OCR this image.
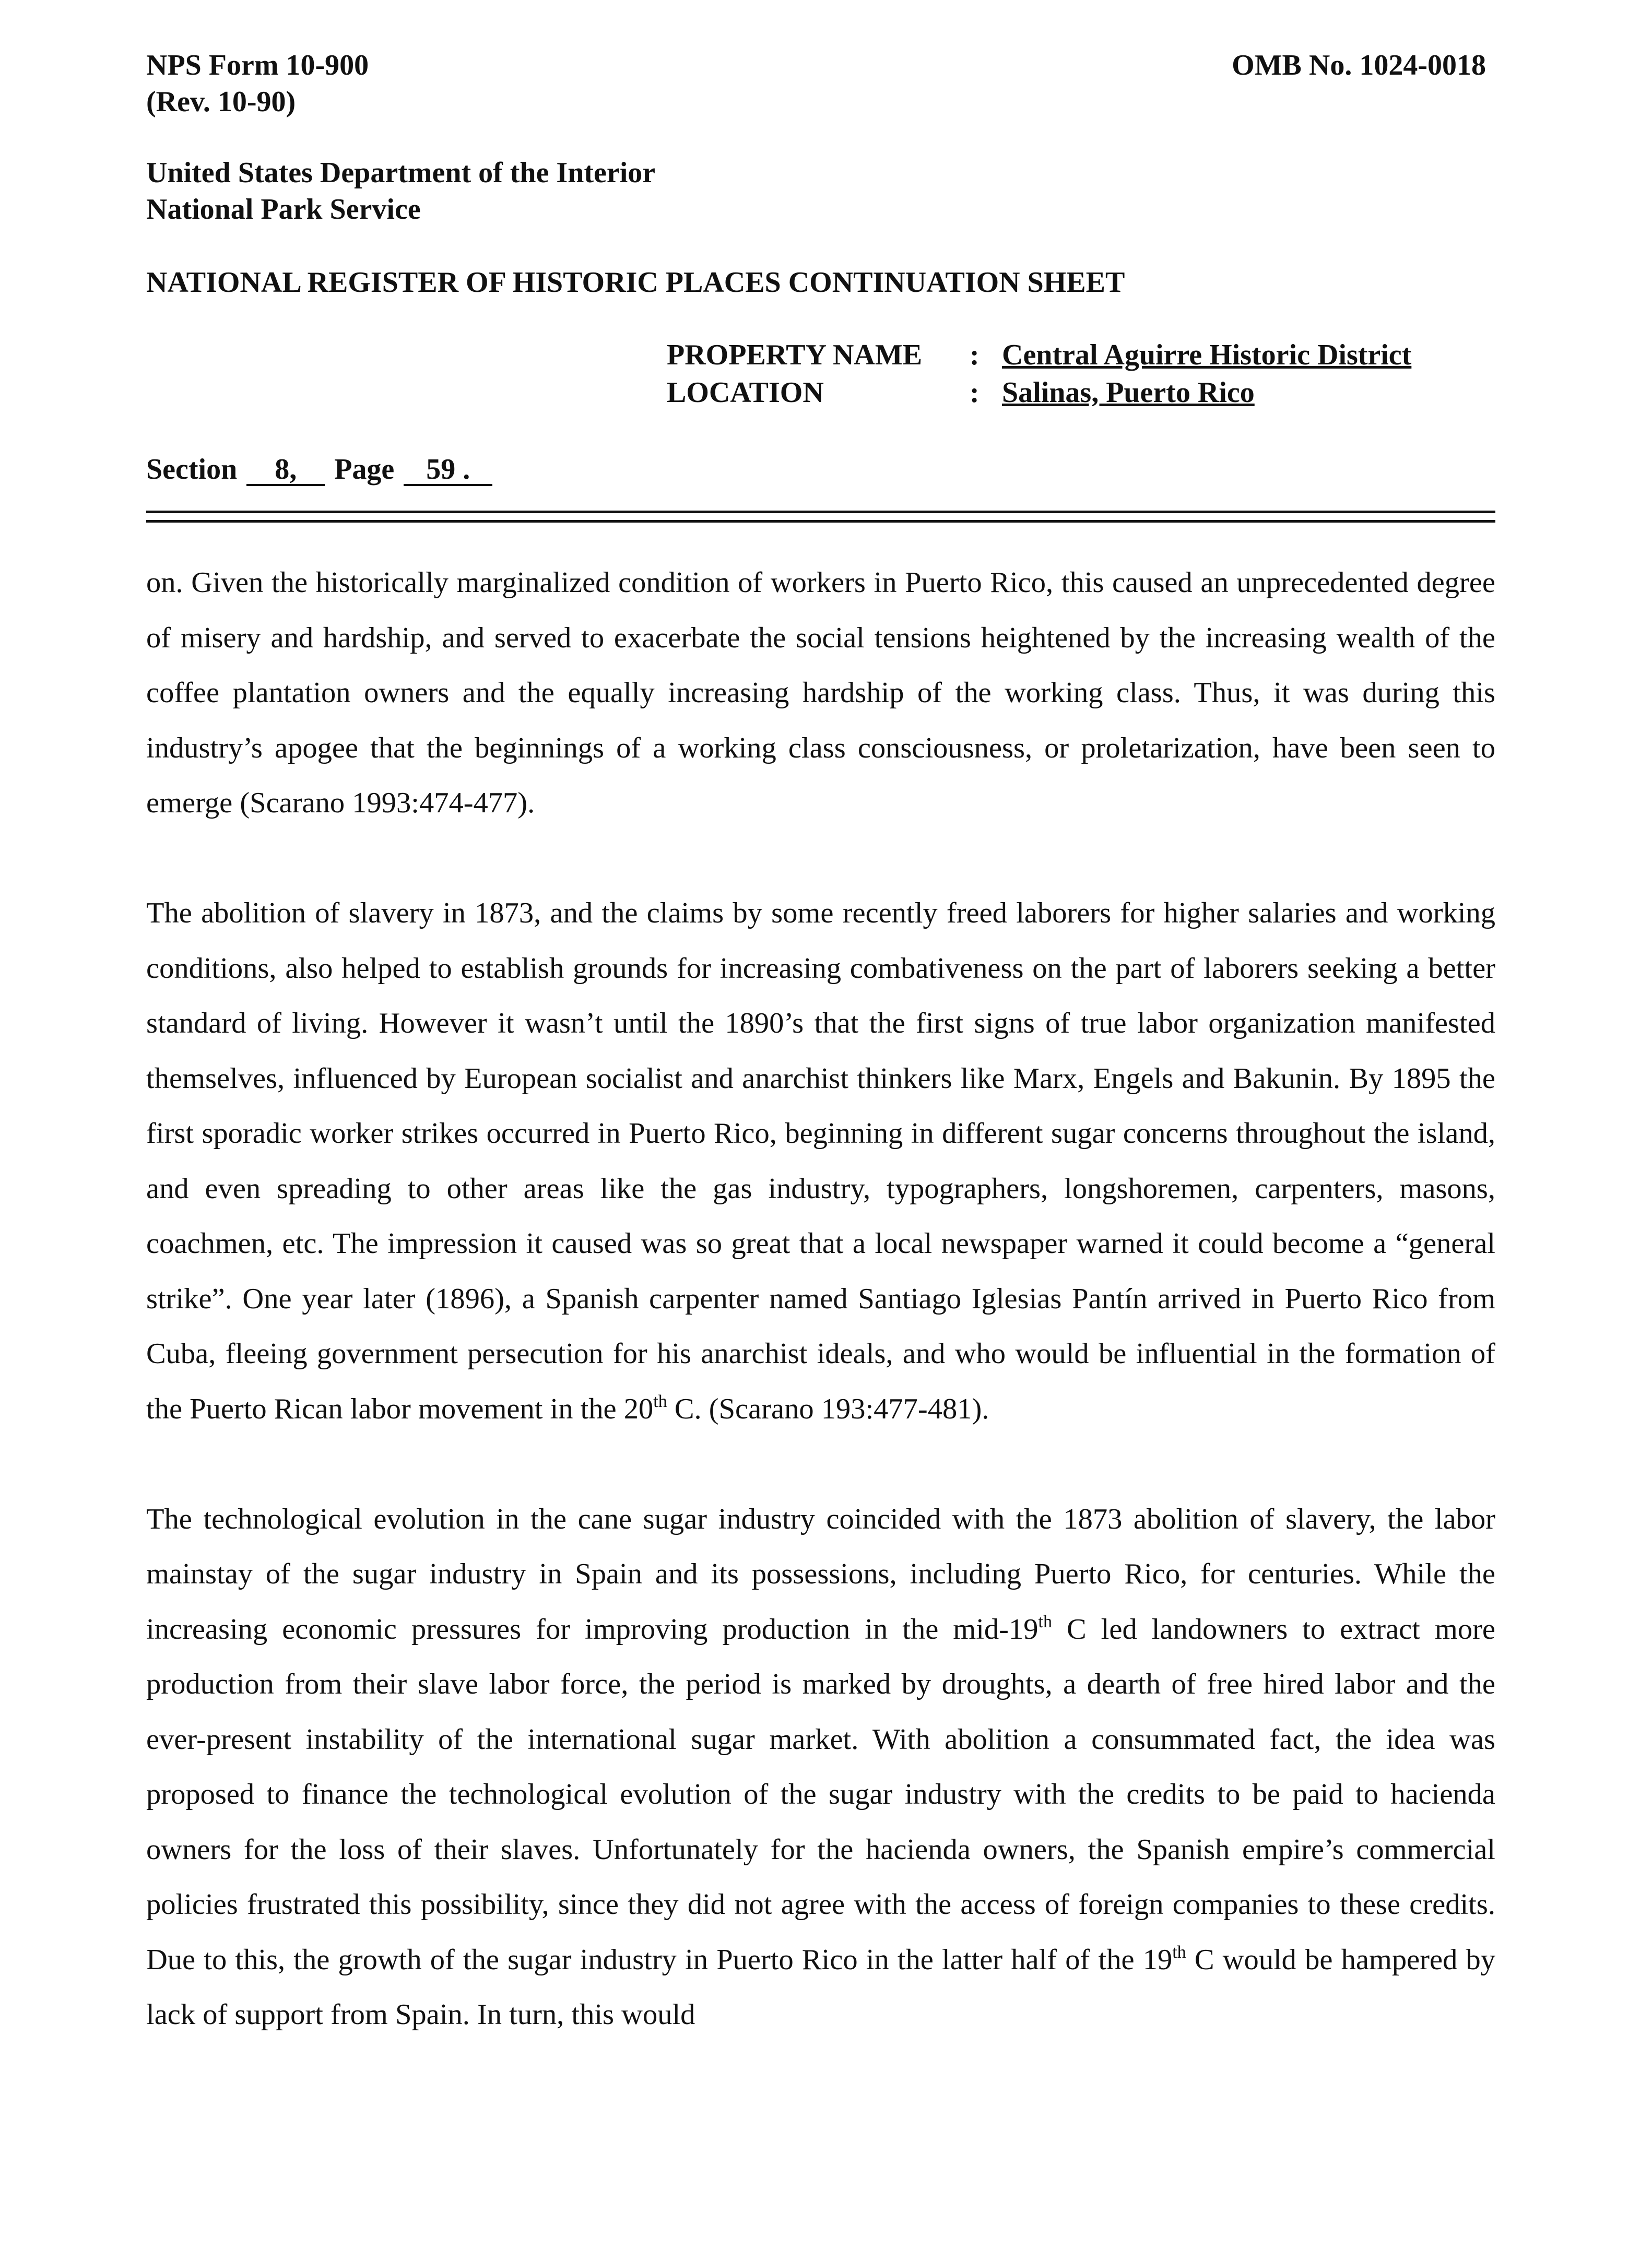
NPS Form 10-900
(Rev. 10-90)
OMB No. 1024-0018
United States Department of the Interior
National Park Service
NATIONAL REGISTER OF HISTORIC PLACES CONTINUATION SHEET
PROPERTY NAME : Central Aguirre Historic District
LOCATION	: Salinas, Puerto Rico
Section 8, Page 59 .

on. Given the historically marginalized condition of workers in Puerto Rico, this caused an unprecedented degree of misery and hardship, and served to exacerbate the social tensions heightened by the increasing wealth of the coffee plantation owners and the equally increasing hardship of the working class. Thus, it was during this industry’s apogee that the beginnings of a working class consciousness, or proletarization, have been seen to emerge (Scarano 1993:474-477).

The abolition of slavery in 1873, and the claims by some recently freed laborers for higher salaries and working conditions, also helped to establish grounds for increasing combativeness on the part of laborers seeking a better standard of living. However it wasn’t until the 1890’s that the first signs of true labor organization manifested themselves, influenced by European socialist and anarchist thinkers like Marx, Engels and Bakunin. By 1895 the first sporadic worker strikes occurred in Puerto Rico, beginning in different sugar concerns throughout the island, and even spreading to other areas like the gas industry, typographers, longshoremen, carpenters, masons, coachmen, etc. The impression it caused was so great that a local newspaper warned it could become a “general strike”. One year later (1896), a Spanish carpenter named Santiago Iglesias Pantín arrived in Puerto Rico from Cuba, fleeing government persecution for his anarchist ideals, and who would be influential in the formation of the Puerto Rican labor movement in the 20th C. (Scarano 193:477-481).

The technological evolution in the cane sugar industry coincided with the 1873 abolition of slavery, the labor mainstay of the sugar industry in Spain and its possessions, including Puerto Rico, for centuries. While the increasing economic pressures for improving production in the mid-19th C led landowners to extract more production from their slave labor force, the period is marked by droughts, a dearth of free hired labor and the ever-present instability of the international sugar market. With abolition a consummated fact, the idea was proposed to finance the technological evolution of the sugar industry with the credits to be paid to hacienda owners for the loss of their slaves. Unfortunately for the hacienda owners, the Spanish empire’s commercial policies frustrated this possibility, since they did not agree with the access of foreign companies to these credits. Due to this, the growth of the sugar industry in Puerto Rico in the latter half of the 19th C would be hampered by lack of support from Spain. In turn, this would
